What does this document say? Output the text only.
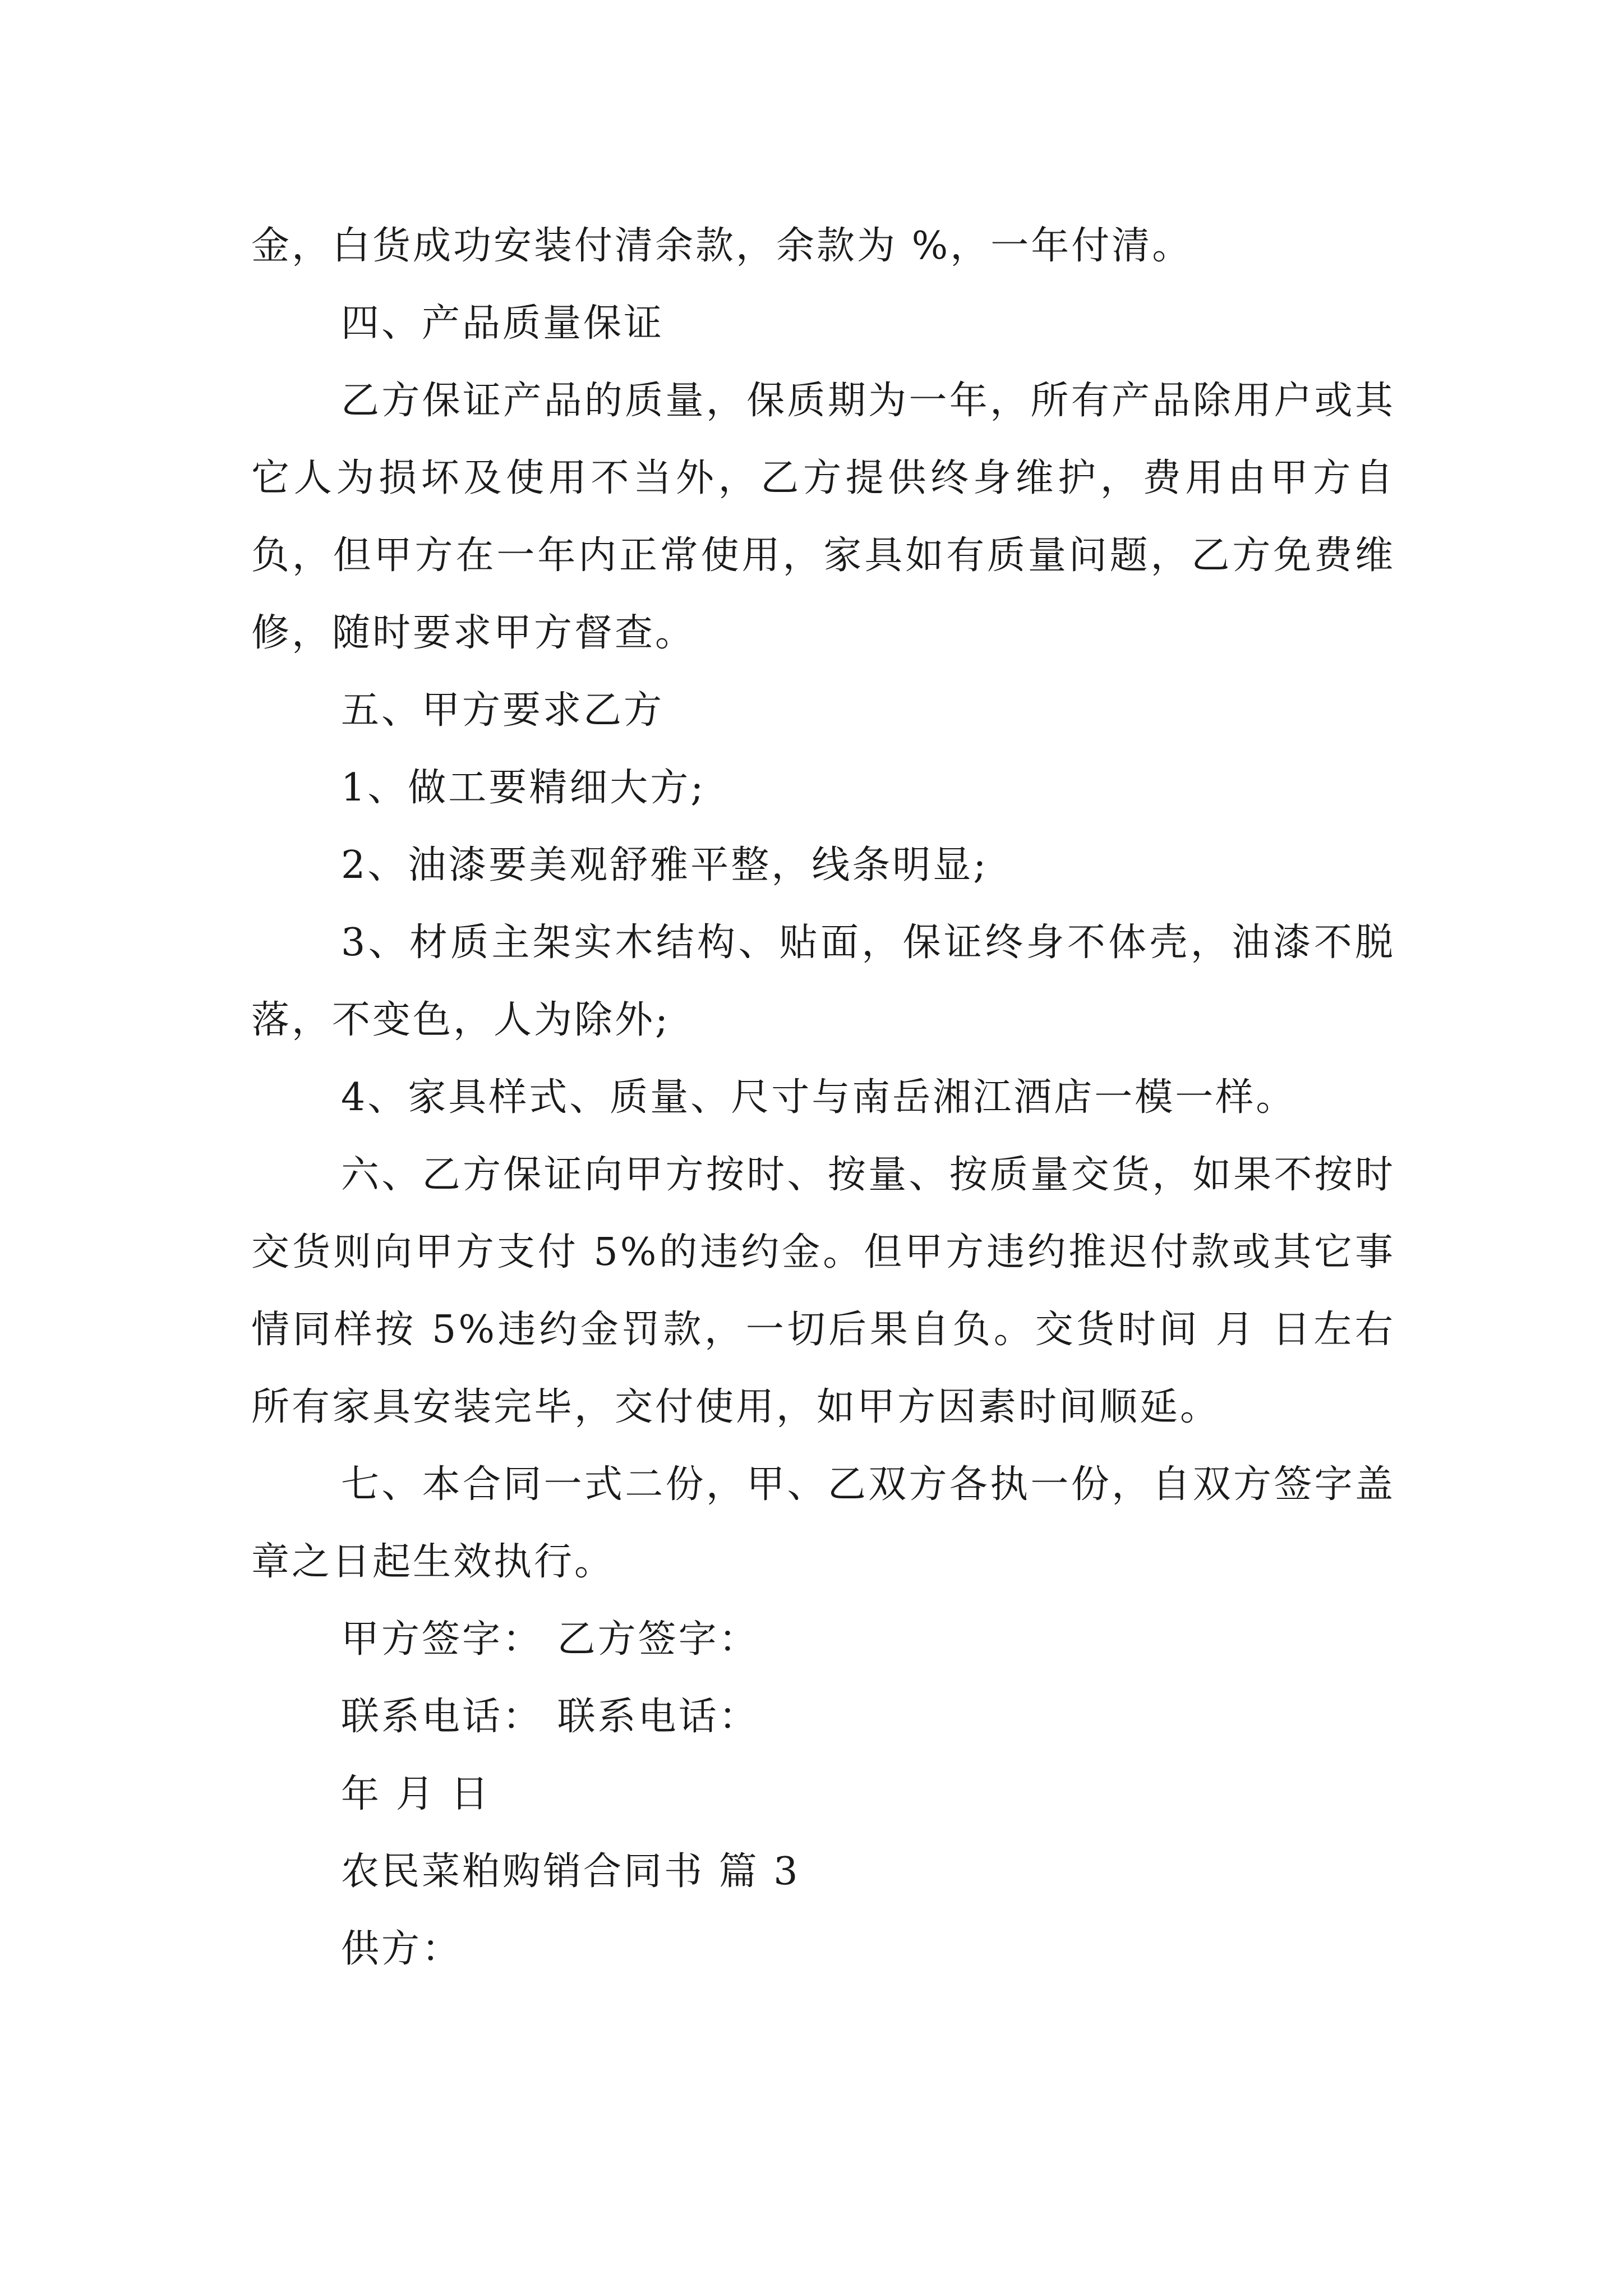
金，白货成功安装付清余款，余款为 %，一年付清。

四、产品质量保证

乙方保证产品的质量，保质期为一年，所有产品除用户或其它人为损坏及使用不当外，乙方提供终身维护，费用由甲方自负，但甲方在一年内正常使用，家具如有质量问题，乙方免费维修，随时要求甲方督查。

五、甲方要求乙方

1、做工要精细大方;

2、油漆要美观舒雅平整，线条明显;

3、材质主架实木结构、贴面，保证终身不体壳，油漆不脱落，不变色，人为除外;

4、家具样式、质量、尺寸与南岳湘江酒店一模一样。

六、乙方保证向甲方按时、按量、按质量交货，如果不按时交货则向甲方支付 5%的违约金。但甲方违约推迟付款或其它事情同样按 5%违约金罚款，一切后果自负。交货时间 月 日左右所有家具安装完毕，交付使用，如甲方因素时间顺延。

七、本合同一式二份，甲、乙双方各执一份，自双方签字盖章之日起生效执行。

甲方签字： 乙方签字：

联系电话： 联系电话：

年 月 日

农民菜粕购销合同书 篇 3

供方：
